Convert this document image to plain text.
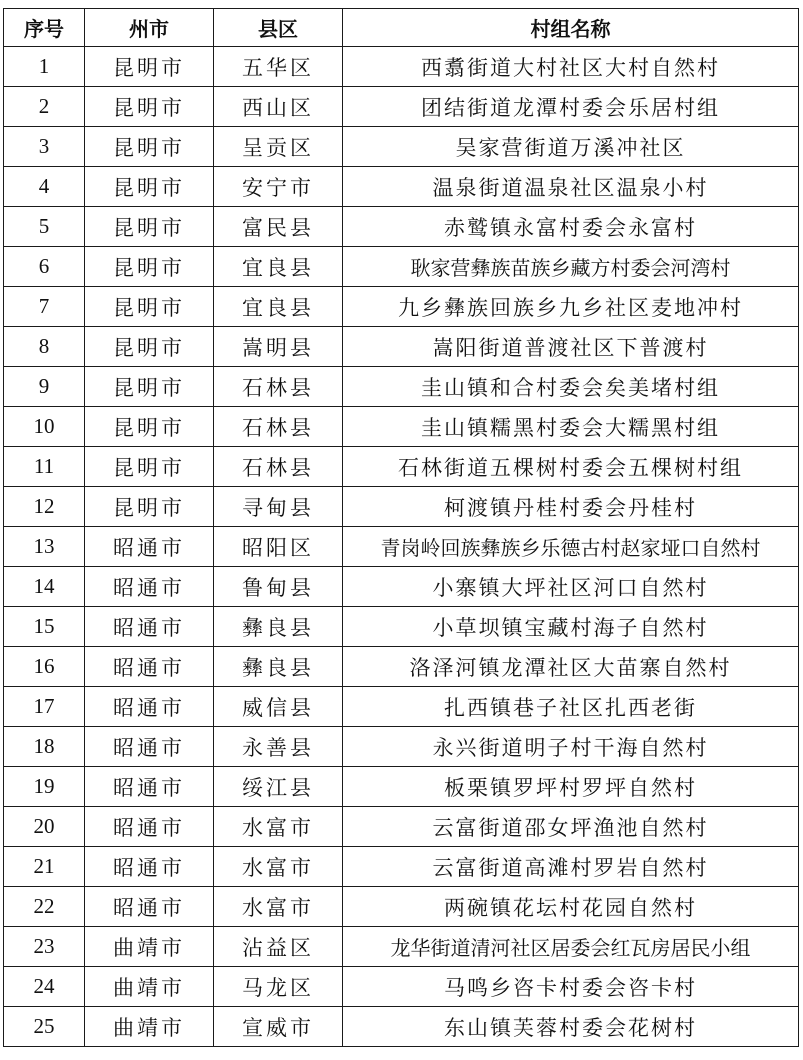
序号	州市	县区	村组名称
1	昆明市	五华区	西翥街道大村社区大村自然村
2	昆明市	西山区	团结街道龙潭村委会乐居村组
3	昆明市	呈贡区	吴家营街道万溪冲社区
4	昆明市	安宁市	温泉街道温泉社区温泉小村
5	昆明市	富民县	赤鹫镇永富村委会永富村
6	昆明市	宜良县	耿家营彝族苗族乡藏方村委会河湾村
7	昆明市	宜良县	九乡彝族回族乡九乡社区麦地冲村
8	昆明市	嵩明县	嵩阳街道普渡社区下普渡村
9	昆明市	石林县	圭山镇和合村委会矣美堵村组
10	昆明市	石林县	圭山镇糯黑村委会大糯黑村组
11	昆明市	石林县	石林街道五棵树村委会五棵树村组
12	昆明市	寻甸县	柯渡镇丹桂村委会丹桂村
13	昭通市	昭阳区	青岗岭回族彝族乡乐德古村赵家垭口自然村
14	昭通市	鲁甸县	小寨镇大坪社区河口自然村
15	昭通市	彝良县	小草坝镇宝藏村海子自然村
16	昭通市	彝良县	洛泽河镇龙潭社区大苗寨自然村
17	昭通市	威信县	扎西镇巷子社区扎西老街
18	昭通市	永善县	永兴街道明子村干海自然村
19	昭通市	绥江县	板栗镇罗坪村罗坪自然村
20	昭通市	水富市	云富街道邵女坪渔池自然村
21	昭通市	水富市	云富街道高滩村罗岩自然村
22	昭通市	水富市	两碗镇花坛村花园自然村
23	曲靖市	沾益区	龙华街道清河社区居委会红瓦房居民小组
24	曲靖市	马龙区	马鸣乡咨卡村委会咨卡村
25	曲靖市	宣威市	东山镇芙蓉村委会花树村
